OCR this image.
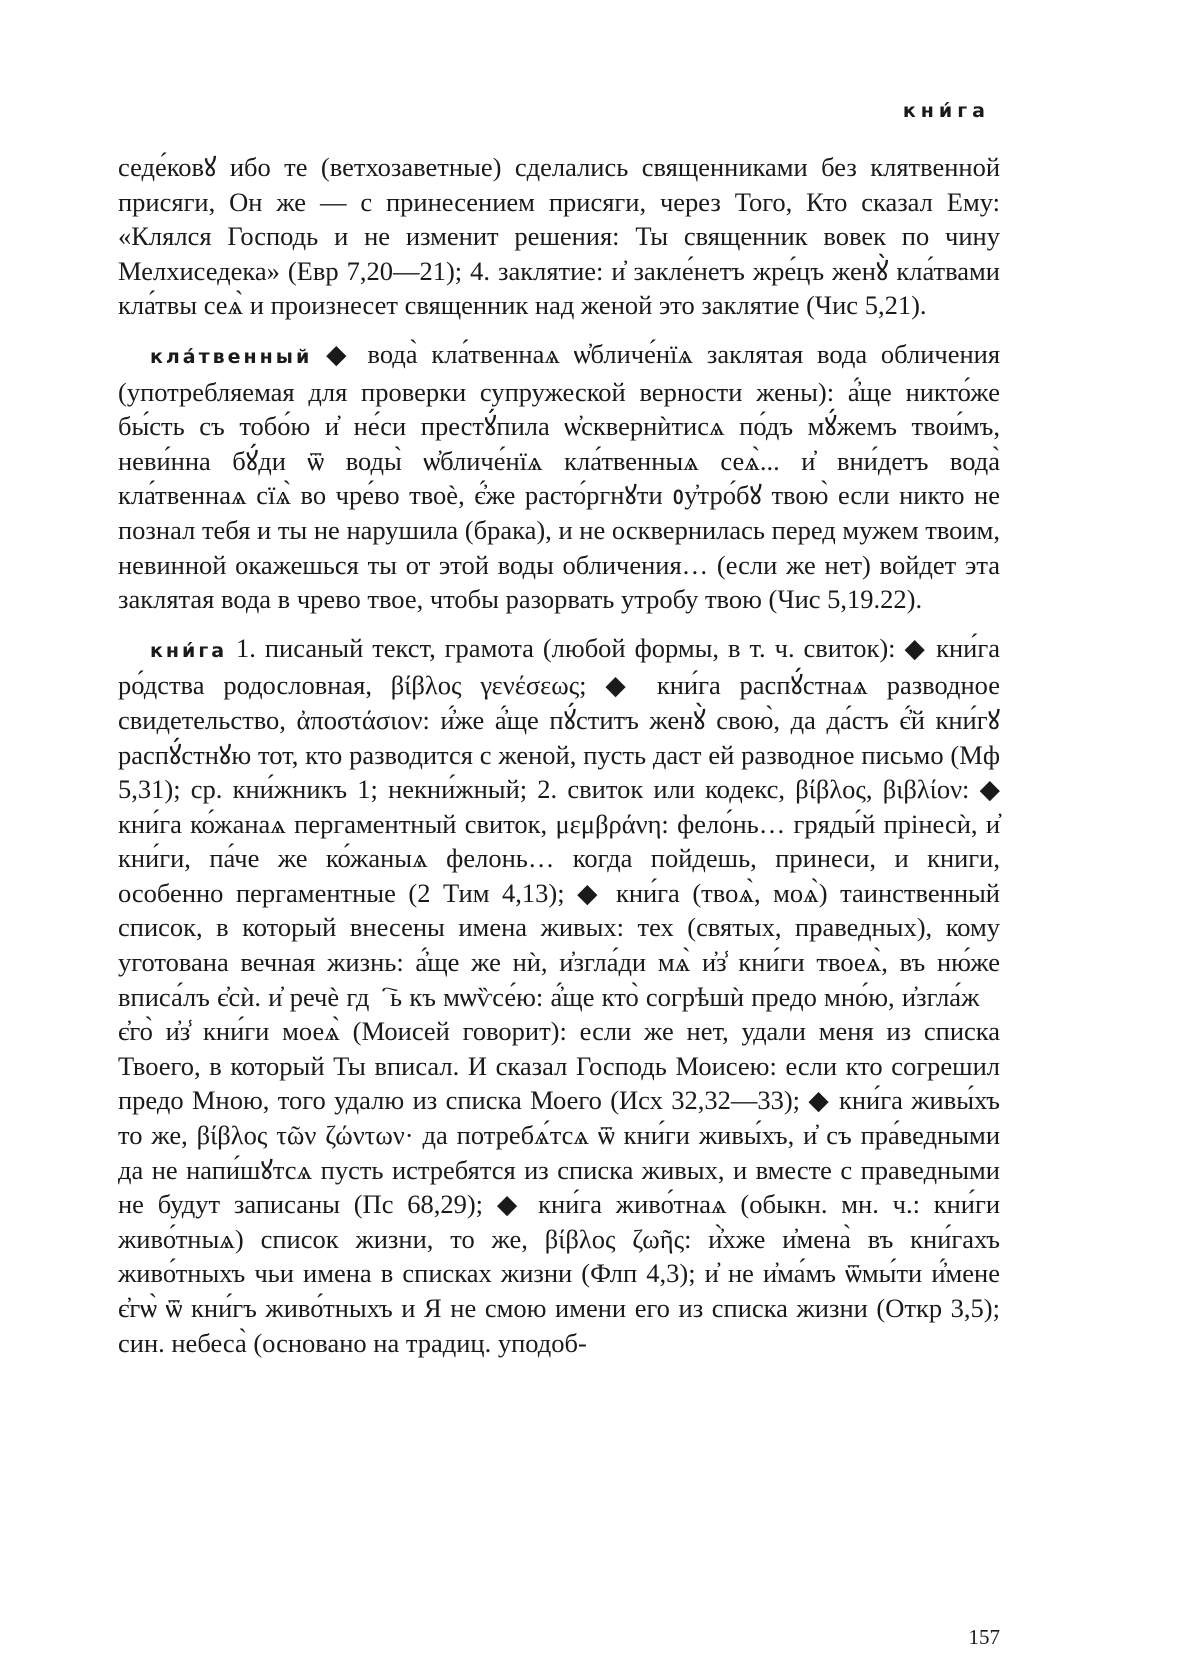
кни́га

седе́ковꙋ ибо те (ветхозаветные) сделались священниками без клятвенной присяги, Он же — с принесением присяги, через Того, Кто сказал Ему: «Клялся Господь и не изменит решения: Ты священник вовек по чину Мелхиседека» (Евр 7,20—21); 4. заклятие: и҆ закле́нетъ жре́цъ женꙋ̀ кла́твами кла́твы сеѧ̀ и произнесет священник над женой это заклятие (Чис 5,21).

кла́твенный ◆ вода̀ кла́твеннаѧ ѡ҆бличе́нїѧ заклятая вода обличения (употребляемая для проверки супружеской верности жены): а҆́ще никто́же бы́сть съ тобо́ю и҆ не́си престꙋ́пила ѡ҆сквернѝтисѧ по́дъ мꙋ́жемъ твои́мъ, неви́нна бꙋ́ди ѿ воды̀ ѡ҆бличе́нїѧ кла́твенныѧ сеѧ̀... и҆ вни́детъ вода̀ кла́твеннаѧ сїѧ̀ во чре́во твоѐ, є҆́же расто́ргнꙋти ᲂу҆тро́бꙋ твою̀ если никто не познал тебя и ты не нарушила (брака), и не осквернилась перед мужем твоим, невинной окажешься ты от этой воды обличения… (если же нет) войдет эта заклятая вода в чрево твое, чтобы разорвать утробу твою (Чис 5,19.22).

кни́га 1. писаный текст, грамота (любой формы, в т. ч. свиток): ◆ кни́га ро́дства родословная, βίβλος γενέσεως; ◆ кни́га распꙋ́стнаѧ разводное свидетельство, ἀποστάσιον: и҆́же а҆́ще пꙋ́ститъ женꙋ̀ свою̀, да да́стъ є҆́й кни́гꙋ распꙋ́стнꙋю тот, кто разводится с женой, пусть даст ей разводное письмо (Мф 5,31); ср. кни́жникъ 1; некни́жный; 2. свиток или кодекс, βίβλος, βιβλίον: ◆ кни́га ко́жанаѧ пергаментный свиток, μεμβράνη: фело́нь… гряды́й прінесѝ, и҆ кни́ги, па́че же ко́жаныѧ фелонь… когда пойдешь, принеси, и книги, особенно пергаментные (2 Тим 4,13); ◆ кни́га (твоѧ̀, моѧ̀) таинственный список, в который внесены имена живых: тех (святых, праведных), кому уготована вечная жизнь: а҆́ще же нѝ, и҆згла́ди мѧ̀ и҆з̾ кни́ги твоеѧ̀, въ ню́же вписа́лъ є҆сѝ. и҆ речѐ гдⷭ҇ь къ мѡѷсе́ю: а҆́ще кто̀ согрѣшѝ предо мно́ю, и҆згла́жꙋ є҆го̀ и҆з̾ кни́ги моеѧ̀ (Моисей говорит): если же нет, удали меня из списка Твоего, в который Ты вписал. И сказал Господь Моисею: если кто согрешил предо Мною, того удалю из списка Моего (Исх 32,32—33); ◆ кни́га живы́хъ то же, βίβλος τῶν ζώντων· да потребѧ́тсѧ ѿ кни́ги живы́хъ, и҆ съ пра́ведными да не напи́шꙋтсѧ пусть истребятся из списка живых, и вместе с праведными не будут записаны (Пс 68,29); ◆ кни́га живо́тнаѧ (обыкн. мн. ч.: кни́ги живо́тныѧ) список жизни, то же, βίβλος ζωῆς: и҆̀хже и҆мена̀ въ кни́гахъ живо́тныхъ чьи имена в списках жизни (Флп 4,3); и҆ не и҆ма́мъ ѿмы́ти и҆́мене є҆гѡ̀ ѿ кни́гъ живо́тныхъ и Я не смою имени его из списка жизни (Откр 3,5); син. небеса̀ (основано на традиц. уподоб-

157
